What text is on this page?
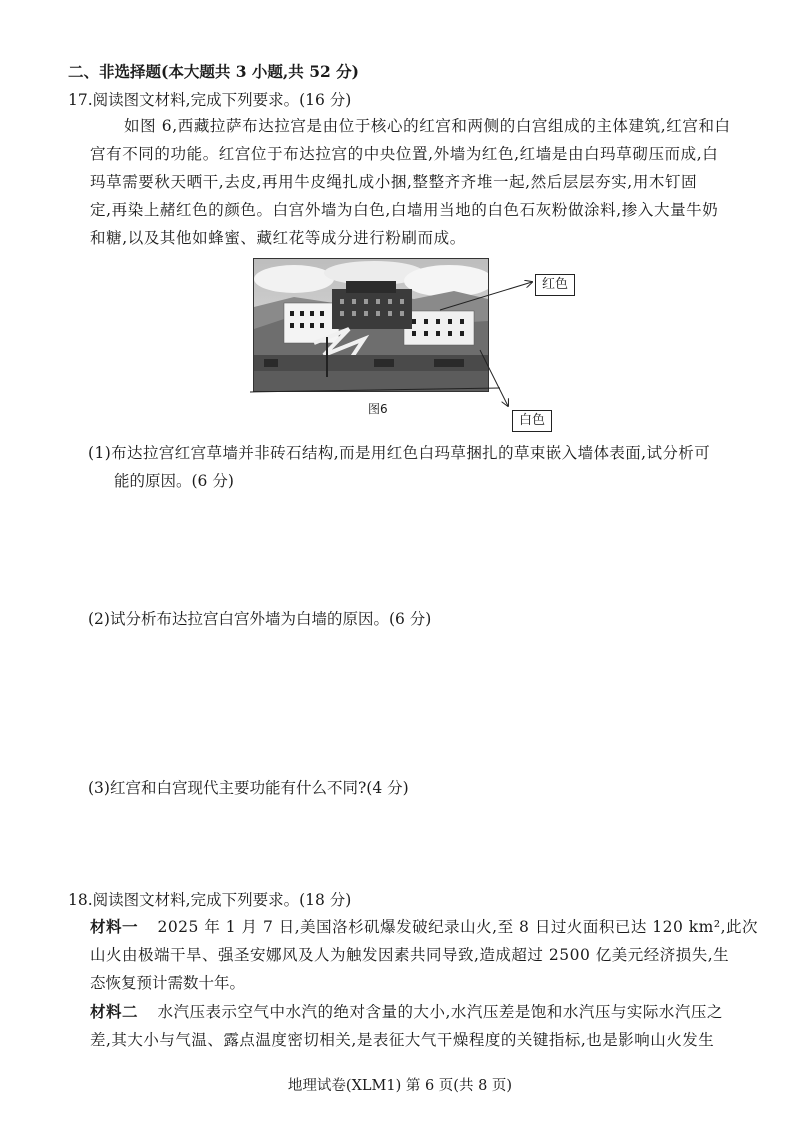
二、非选择题(本大题共 3 小题,共 52 分)
17.阅读图文材料,完成下列要求。(16 分)
如图 6,西藏拉萨布达拉宫是由位于核心的红宫和两侧的白宫组成的主体建筑,红宫和白
宫有不同的功能。红宫位于布达拉宫的中央位置,外墙为红色,红墙是由白玛草砌压而成,白
玛草需要秋天晒干,去皮,再用牛皮绳扎成小捆,整整齐齐堆一起,然后层层夯实,用木钉固
定,再染上赭红色的颜色。白宫外墙为白色,白墙用当地的白色石灰粉做涂料,掺入大量牛奶
和糖,以及其他如蜂蜜、藏红花等成分进行粉刷而成。
红色
白色
图6
(1)布达拉宫红宫草墙并非砖石结构,而是用红色白玛草捆扎的草束嵌入墙体表面,试分析可
能的原因。(6 分)
(2)试分析布达拉宫白宫外墙为白墙的原因。(6 分)
(3)红宫和白宫现代主要功能有什么不同?(4 分)
18.阅读图文材料,完成下列要求。(18 分)
材料一 2025 年 1 月 7 日,美国洛杉矶爆发破纪录山火,至 8 日过火面积已达 120 km²,此次
山火由极端干旱、强圣安娜风及人为触发因素共同导致,造成超过 2500 亿美元经济损失,生
态恢复预计需数十年。
材料二 水汽压表示空气中水汽的绝对含量的大小,水汽压差是饱和水汽压与实际水汽压之
差,其大小与气温、露点温度密切相关,是表征大气干燥程度的关键指标,也是影响山火发生
地理试卷(XLM1) 第 6 页(共 8 页)
